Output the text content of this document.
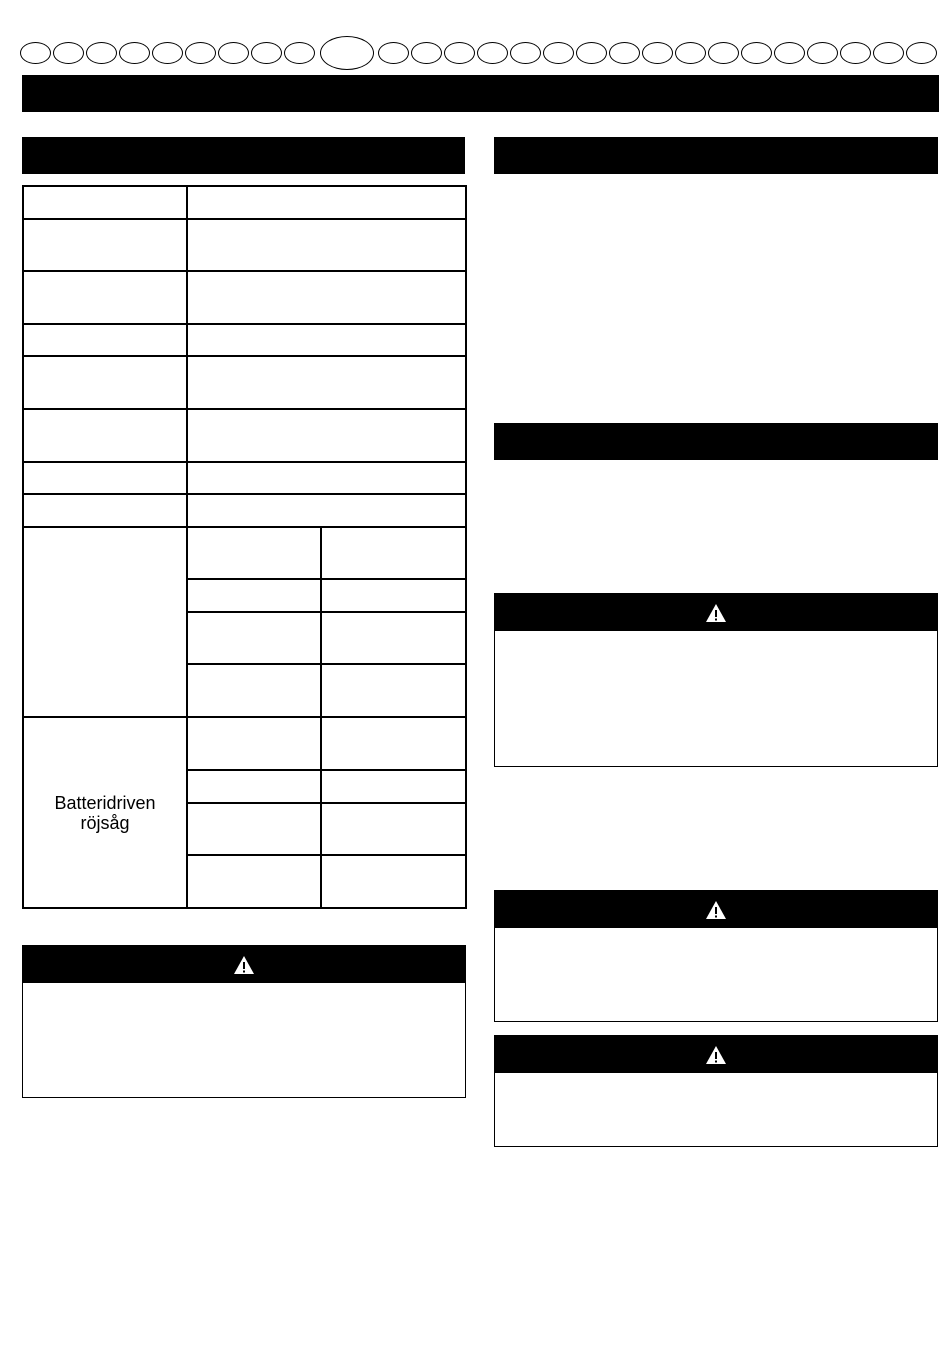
Batteridriven röjsåg		
